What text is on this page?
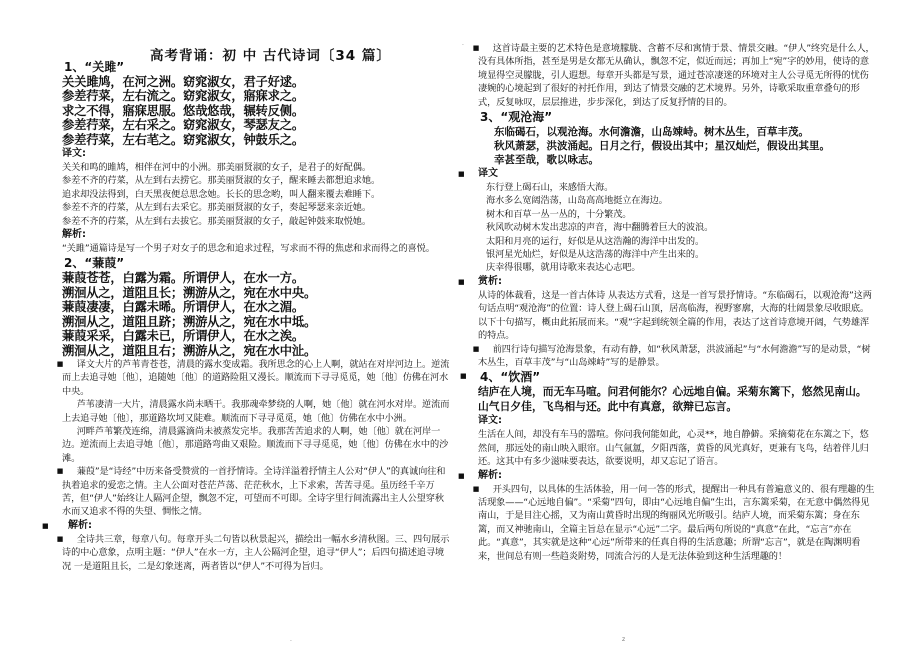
.
高考背诵：初 中 古代诗词〔34 篇〕
1、“关雎”
关关雎鸠，在河之洲。窈窕淑女，君子好逑。
参差荇菜，左右流之。窈窕淑女，寤寐求之。
求之不得，寤寐思服。悠哉悠哉，辗转反侧。
参差荇菜，左右采之。窈窕淑女，琴瑟友之。
参差荇菜，左右芼之。窈窕淑女，钟鼓乐之。
译文:

关关和鸣的雎鸠，相伴在河中的小洲。那美丽贤淑的女子，是君子的好配偶。

参差不齐的荇菜，从左到右去捞它。那美丽贤淑的女子，醒来睡去都想追求她。

追求却没法得到，白天黑夜便总思念她。长长的思念哟，叫人翻来覆去难睡下。

参差不齐的荇菜，从左到右去采它。那美丽贤淑的女子，奏起琴瑟来亲近她。

参差不齐的荇菜，从左到右去拔它。那美丽贤淑的女子，敲起钟鼓来取悦她。

解析:
“关雎”通篇诗是写一个男子对女子的思念和追求过程，写求而不得的焦虑和求而得之的喜悦。
2、“蒹葭”
蒹葭苍苍，白露为霜。所谓伊人，在水一方。
溯洄从之，道阻且长；溯游从之，宛在水中央。
蒹葭凄凄，白露未晞。所谓伊人，在水之湄。
溯洄从之，道阻且跻；溯游从之，宛在水中坻。
蒹葭采采，白露未已，所谓伊人，在水之涘。
溯洄从之，道阻且右；溯游从之，宛在水中沚。
■ 译文大片的芦苇青苍苍，清晨的露水变成霜。我所思念的心上人啊，就站在对岸河边上。逆流而上去追寻她〔他〕，追随她〔他〕的道路险阻又漫长。顺流而下寻寻觅觅，她〔他〕仿佛在河水中央。
芦苇凄清一大片，清晨露水尚未晒干。我那魂牵梦绕的人啊，她〔他〕就在河水对岸。逆流而上去追寻她〔他〕，那道路坎坷又陡难。顺流而下寻寻觅觅，她〔他〕仿佛在水中小洲。
河畔芦苇繁茂连绵，清晨露滴尚未被蒸发完毕。我那苦苦追求的人啊，她〔他〕就在河岸一边。逆流而上去追寻她〔他〕，那道路弯曲又艰险。顺流而下寻寻觅觅，她〔他〕仿佛在水中的沙滩。
■ 蒹葭”是“诗经”中历来备受赞赏的一首抒情诗。全诗洋溢着抒情主人公对“伊人”的真诚向往和执着追求的爱恋之情。主人公面对苍茫芦荡、茫茫秋水，上下求索，苦苦寻觅。虽历经千辛万苦，但“伊人”始终让人隔河企望，飘忽不定，可望而不可即。全诗字里行间流露出主人公望穿秋水而又追求不得的失望、惆怅之情。
■ 解析:
■ 全诗共三章，每章八句。每章开头二句皆以秋景起兴，描绘出一幅水乡清秋图。三、四句展示诗的中心意象，点明主题：“伊人”在水一方，主人公隔河企望，追寻“伊人”；后四句描述追寻境况 一是道阻且长，二是幻象迷离，两者皆以“伊人”不可得为旨归。
.
■ 这首诗最主要的艺术特色是意境朦胧、含蓄不尽和寓情于景、情景交融。“伊人”终究是什么人，没有具体所指，甚至是男是女都无从确认，飘忽不定，似近而远；再加上“宛”字的妙用，使诗的意境显得空灵朦胧，引人遐想。每章开头都是写景，通过苍凉凄迷的环境对主人公寻觅无所得的忧伤凄婉的心境起到了很好的衬托作用，到达了情景交融的艺术境界。另外，诗歌采取重章叠句的形式，反复咏叹，层层推进，步步深化，到达了反复抒情的目的。
3、“观沧海”
东临碣石，以观沧海。水何澹澹，山岛竦峙。树木丛生，百草丰茂。
秋风萧瑟，洪波涌起。日月之行，假设出其中；星汉灿烂，假设出其里。
幸甚至哉，歌以咏志。
■ 译文

东行登上碣石山，来感悟大海。

海水多么宽阔浩荡，山岛高高地挺立在海边。

树木和百草一丛一丛的，十分繁茂。

秋风吹动树木发出悲凉的声音，海中翻腾着巨大的波浪。

太阳和月亮的运行，好似是从这浩瀚的海洋中出发的。

银河星光灿烂，好似是从这浩荡的海洋中产生出来的。

庆幸得很哪，就用诗歌来表达心志吧。

■ 赏析:
从诗的体裁看，这是一首古体诗 从表达方式看，这是一首写景抒情诗。“东临碣石，以观沧海”这两句话点明“观沧海”的位置：诗人登上碣石山顶，居高临海，视野寥廓，大海的壮阔景象尽收眼底。以下十句描写，概由此拓展而来。“观”字起到统领全篇的作用，表达了这首诗意境开阔，气势雄浑的特点。
■ 前四行诗句描写沧海景象，有动有静，如“秋风萧瑟，洪波涌起”与“水何澹澹”写的是动景，“树木丛生，百草丰茂”与“山岛竦峙”写的是静景。
■ 4、“饮酒”
结庐在人境，而无车马喧。问君何能尔？心远地自偏。采菊东篱下，悠然见南山。山气日夕佳，飞鸟相与还。此中有真意，欲辩已忘言。
译文:
生活在人间，却没有车马的嚣喧。你问我何能如此，心灵**，地自静僻。采摘菊花在东篱之下，悠然间，那远处的南山映入眼帘。山气氤氲，夕阳西落，黄昏的风光真好，更兼有飞鸟，结着伴儿归还。这其中有多少滋味要表达，欲要说明，却又忘记了语言。
■ 解析:
■ 开头四句，以具体的生活体验，用一问一答的形式，提醒出一种具有普遍意义的、很有理趣的生活现象——“心远地自偏”。“采菊”四句，即由“心远地自偏”生出，言东篱采菊，在无意中偶然得见南山，于是目注心摇，又为南山黄昏时出现的绚丽风光所吸引。结庐人境，而采菊东篱；身在东篱，而又神驰南山，全篇主旨总在显示“心远”二字。最后两句所说的“真意”在此，“忘言”亦在此。“真意”，其实就是这种“心远”所带来的任真自得的生活意趣；所谓“忘言”，就是在陶渊明看来，世间总有则一些趋炎附势，同流合污的人是无法体验到这种生活理趣的！
z
